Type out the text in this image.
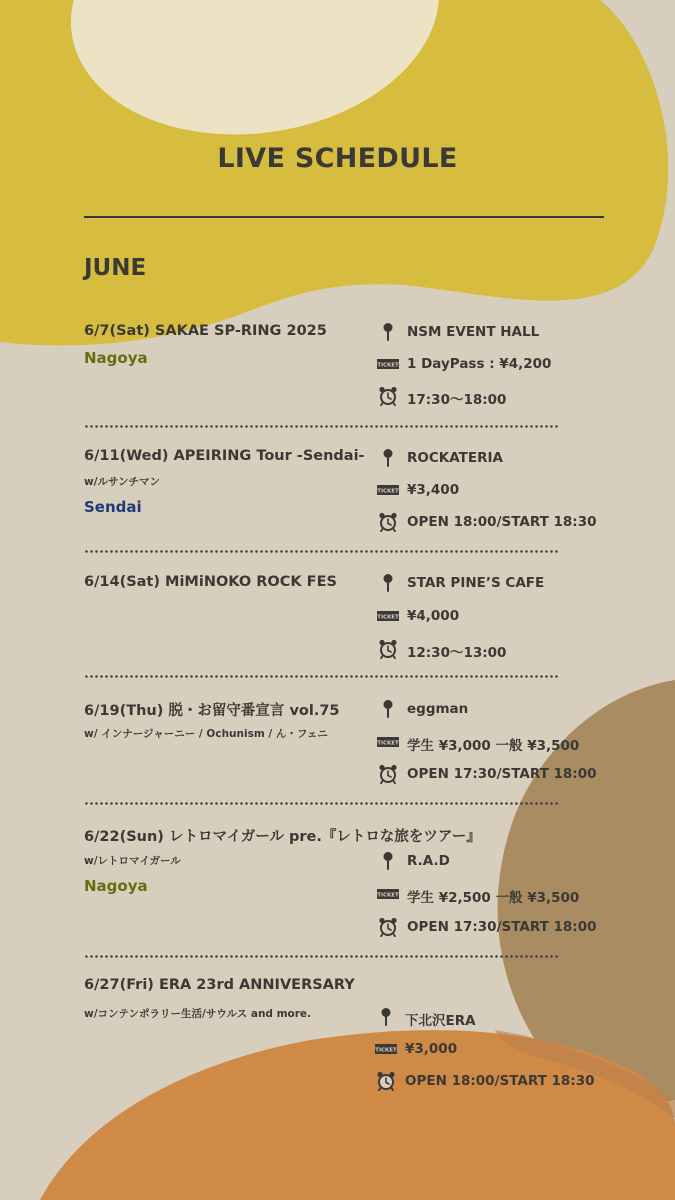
LIVE SCHEDULE
JUNE
6/7(Sat) SAKAE SP-RING 2025
Nagoya
NSM EVENT HALL
TICKET 1 DayPass : ¥4,200
17:30〜18:00
6/11(Wed) APEIRING Tour -Sendai-
w/ルサンチマン
Sendai
ROCKATERIA
TICKET ¥3,400
OPEN 18:00/START 18:30
6/14(Sat) MiMiNOKO ROCK FES	STAR PINE’S CAFE
TICKET ¥4,000
12:30〜13:00
6/19(Thu) 脱・お留守番宣言 vol.75
w/ インナージャーニー / Ochunism / ん・フェニ
eggman
TICKET 学生 ¥3,000 一般 ¥3,500
OPEN 17:30/START 18:00
6/22(Sun) レトロマイガール pre.『レトロな旅をツアー』
w/レトロマイガール
Nagoya
R.A.D
TICKET 学生 ¥2,500 一般 ¥3,500
OPEN 17:30/START 18:00
6/27(Fri) ERA 23rd ANNIVERSARY
w/コンテンポラリー生活/サウルス and more.	下北沢ERA
TICKET ¥3,000
OPEN 18:00/START 18:30
